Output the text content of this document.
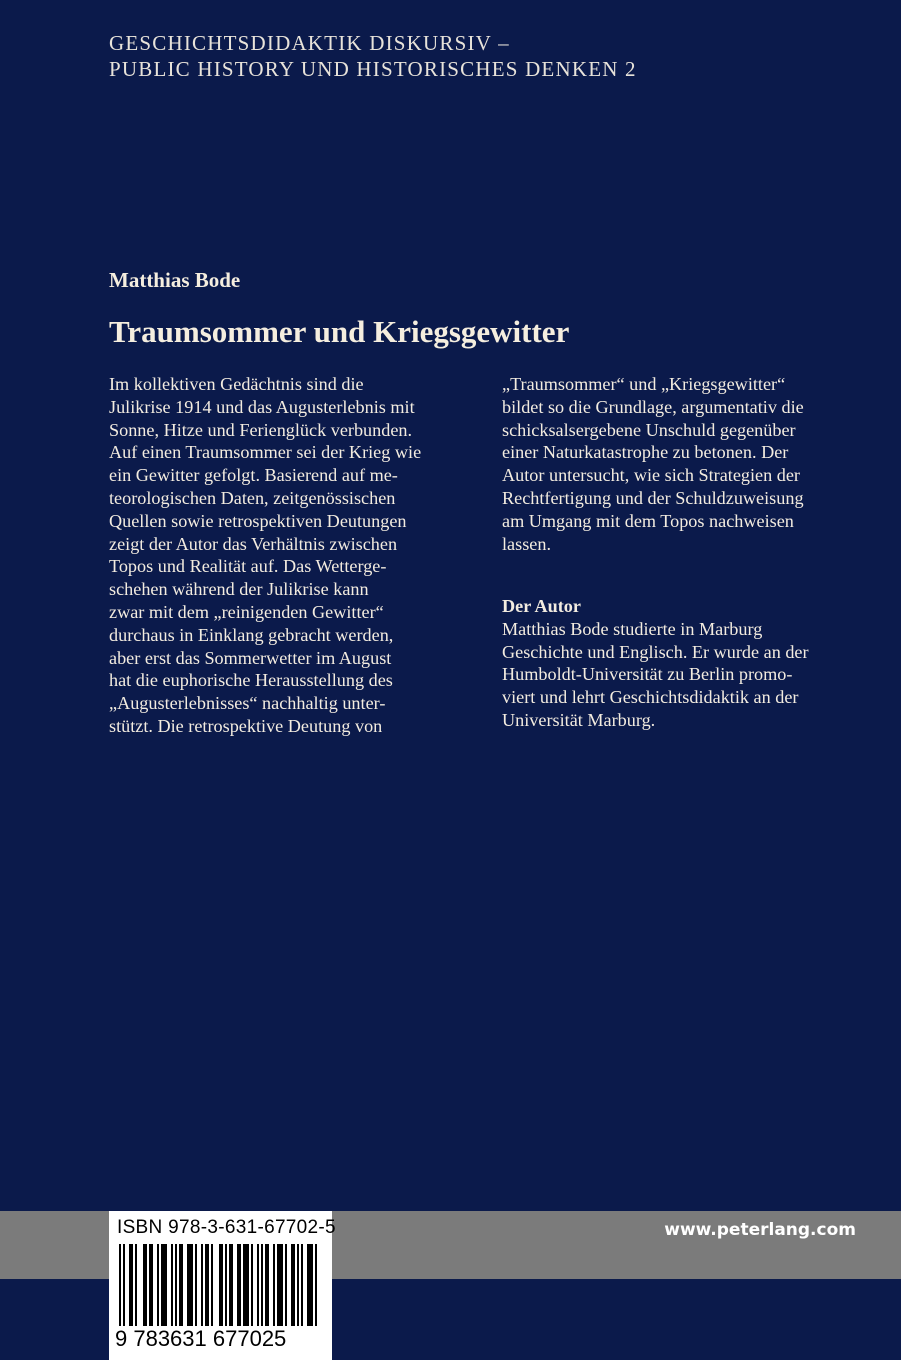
GESCHICHTSDIDAKTIK DISKURSIV –
PUBLIC HISTORY UND HISTORISCHES DENKEN 2
Matthias Bode
Traumsommer und Kriegsgewitter
Im kollektiven Gedächtnis sind die
Julikrise 1914 und das Augusterlebnis mit
Sonne, Hitze und Ferienglück verbunden.
Auf einen Traumsommer sei der Krieg wie
ein Gewitter gefolgt. Basierend auf me-
teorologischen Daten, zeitgenössischen
Quellen sowie retrospektiven Deutungen
zeigt der Autor das Verhältnis zwischen
Topos und Realität auf. Das Wetterge-
schehen während der Julikrise kann
zwar mit dem „reinigenden Gewitter“
durchaus in Einklang gebracht werden,
aber erst das Sommerwetter im August
hat die euphorische Herausstellung des
„Augusterlebnisses“ nachhaltig unter-
stützt. Die retrospektive Deutung von
„Traumsommer“ und „Kriegsgewitter“
bildet so die Grundlage, argumentativ die
schicksalsergebene Unschuld gegenüber
einer Naturkatastrophe zu betonen. Der
Autor untersucht, wie sich Strategien der
Rechtfertigung und der Schuldzuweisung
am Umgang mit dem Topos nachweisen
lassen.
Der Autor
Matthias Bode studierte in Marburg
Geschichte und Englisch. Er wurde an der
Humboldt-Universität zu Berlin promo-
viert und lehrt Geschichtsdidaktik an der
Universität Marburg.
www.peterlang.com
ISBN 978-3-631-67702-5
9 783631 677025
